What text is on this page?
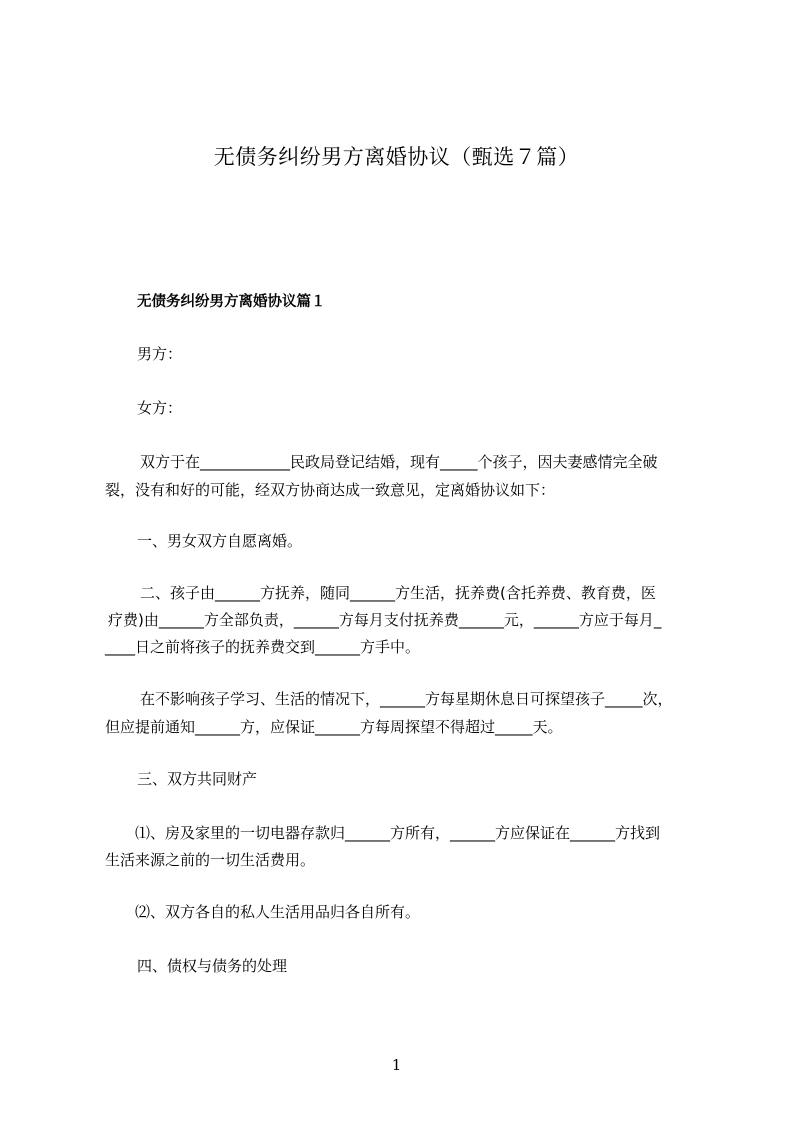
无债务纠纷男方离婚协议（甄选７篇）
无债务纠纷男方离婚协议篇１
男方：
女方：
双方于在____________民政局登记结婚，现有_____个孩子，因夫妻感情完全破
裂，没有和好的可能，经双方协商达成一致意见，定离婚协议如下：
一、男女双方自愿离婚。
二、孩子由______方抚养，随同______方生活，抚养费(含托养费、教育费，医
疗费)由______方全部负责，______方每月支付抚养费______元，______方应于每月_
____日之前将孩子的抚养费交到______方手中。
在不影响孩子学习、生活的情况下，______方每星期休息日可探望孩子_____次，
但应提前通知______方，应保证______方每周探望不得超过_____天。
三、双方共同财产
⑴、房及家里的一切电器存款归______方所有，______方应保证在______方找到
生活来源之前的一切生活费用。
⑵、双方各自的私人生活用品归各自所有。
四、债权与债务的处理
1
